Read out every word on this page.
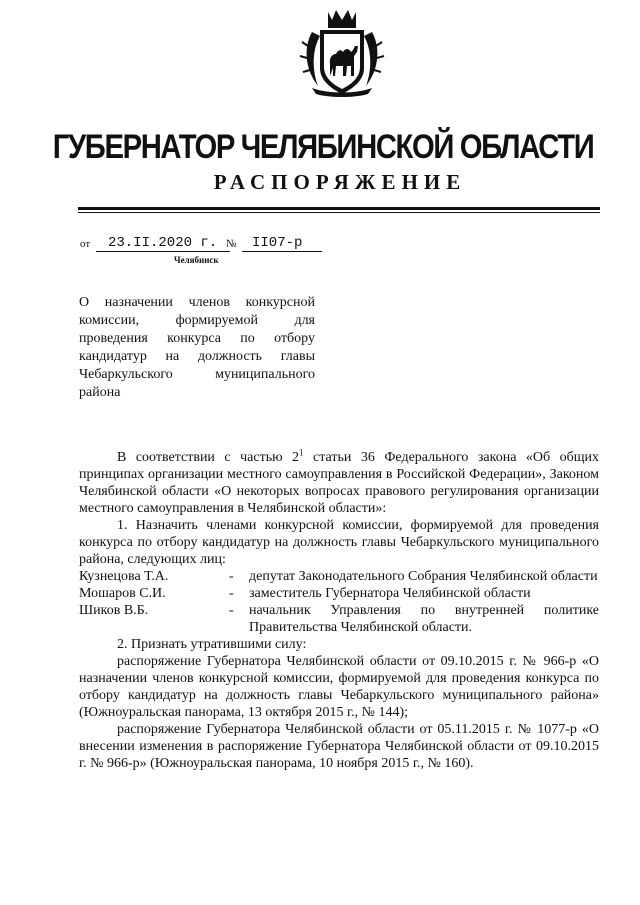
ГУБЕРНАТОР ЧЕЛЯБИНСКОЙ ОБЛАСТИ
РАСПОРЯЖЕНИЕ
от	23.II.2020 г. №	II07-р
Челябинск
О назначении членов конкурсной комиссии, формируемой для проведения конкурса по отбору кандидатур на должность главы Чебаркульского муниципального района

В соответствии с частью $2^1$ статьи 36 Федерального закона «Об общих принципах организации местного самоуправления в Российской Федерации», Законом Челябинской области «О некоторых вопросах правового регулирования организации местного самоуправления в Челябинской области»:

1. Назначить членами конкурсной комиссии, формируемой для проведения конкурса по отбору кандидатур на должность главы Чебаркульского муниципального района, следующих лиц:

Кузнецова Т.А.	-	депутат Законодательного Собрания Челябинской области
Мошаров С.И.	-	заместитель Губернатора Челябинской области
Шиков В.Б.	-	начальник Управления по внутренней политике Правительства Челябинской области.

2. Признать утратившими силу:

распоряжение Губернатора Челябинской области от 09.10.2015 г. № 966-р «О назначении членов конкурсной комиссии, формируемой для проведения конкурса по отбору кандидатур на должность главы Чебаркульского муниципального района» (Южноуральская панорама, 13 октября 2015 г., № 144);

распоряжение Губернатора Челябинской области от 05.11.2015 г. № 1077-р «О внесении изменения в распоряжение Губернатора Челябинской области от 09.10.2015 г. № 966-р» (Южноуральская панорама, 10 ноября 2015 г., № 160).
